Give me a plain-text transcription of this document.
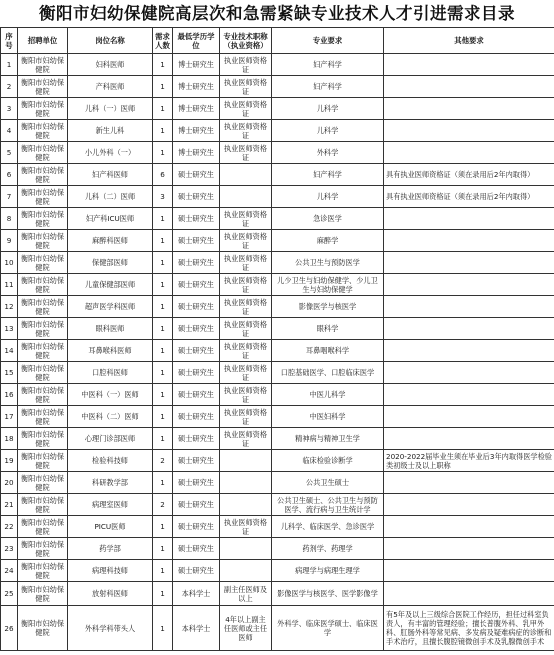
衡阳市妇幼保健院高层次和急需紧缺专业技术人才引进需求目录
序号	招聘单位	岗位名称	需求人数	最低学历学位	专业技术职称（执业资格）	专业要求	其他要求
1	衡阳市妇幼保健院	妇科医师	1	博士研究生	执业医师资格证	妇产科学	
2	衡阳市妇幼保健院	产科医师	1	博士研究生	执业医师资格证	妇产科学	
3	衡阳市妇幼保健院	儿科（一）医师	1	博士研究生	执业医师资格证	儿科学	
4	衡阳市妇幼保健院	新生儿科	1	博士研究生	执业医师资格证	儿科学	
5	衡阳市妇幼保健院	小儿外科（一）	1	博士研究生	执业医师资格证	外科学	
6	衡阳市妇幼保健院	妇产科医师	6	硕士研究生		妇产科学	具有执业医师资格证（须在录用后2年内取得）
7	衡阳市妇幼保健院	儿科（二）医师	3	硕士研究生		儿科学	具有执业医师资格证（须在录用后2年内取得）
8	衡阳市妇幼保健院	妇产科ICU医师	1	硕士研究生	执业医师资格证	急诊医学	
9	衡阳市妇幼保健院	麻醉科医师	1	硕士研究生	执业医师资格证	麻醉学	
10	衡阳市妇幼保健院	保健部医师	1	硕士研究生	执业医师资格证	公共卫生与预防医学	
11	衡阳市妇幼保健院	儿童保健部医师	1	硕士研究生	执业医师资格证	儿少卫生与妇幼保健学、少儿卫生与妇幼保健学	
12	衡阳市妇幼保健院	超声医学科医师	1	硕士研究生	执业医师资格证	影像医学与核医学	
13	衡阳市妇幼保健院	眼科医师	1	硕士研究生	执业医师资格证	眼科学	
14	衡阳市妇幼保健院	耳鼻喉科医师	1	硕士研究生	执业医师资格证	耳鼻咽喉科学	
15	衡阳市妇幼保健院	口腔科医师	1	硕士研究生	执业医师资格证	口腔基础医学、口腔临床医学	
16	衡阳市妇幼保健院	中医科（一）医师	1	硕士研究生	执业医师资格证	中医儿科学	
17	衡阳市妇幼保健院	中医科（二）医师	1	硕士研究生	执业医师资格证	中医妇科学	
18	衡阳市妇幼保健院	心理门诊部医师	1	硕士研究生	执业医师资格证	精神病与精神卫生学	
19	衡阳市妇幼保健院	检验科技师	2	硕士研究生		临床检验诊断学	2020-2022届毕业生须在毕业后3年内取得医学检验类初级士及以上职称
20	衡阳市妇幼保健院	科研教学部	1	硕士研究生		公共卫生硕士	
21	衡阳市妇幼保健院	病理室医师	2	硕士研究生		公共卫生硕士、公共卫生与预防医学、流行病与卫生统计学	
22	衡阳市妇幼保健院	PICU医师	1	硕士研究生	执业医师资格证	儿科学、临床医学、急诊医学	
23	衡阳市妇幼保健院	药学部	1	硕士研究生		药剂学、药理学	
24	衡阳市妇幼保健院	病理科技师	1	硕士研究生		病理学与病理生理学	
25	衡阳市妇幼保健院	放射科医师	1	本科学士	副主任医师及以上	影像医学与核医学、医学影像学	
26	衡阳市妇幼保健院	外科学科带头人	1	本科学士	4年以上副主任医师或主任医师	外科学、临床医学硕士、临床医学	有5年及以上三级综合医院工作经历，担任过科室负责人，有丰富的管理经验；擅长普腹外科、乳甲外科、肛肠外科等常见病、多发病及疑难病症的诊断和手术治疗，且擅长腹腔镜微创手术及乳腺微创手术
